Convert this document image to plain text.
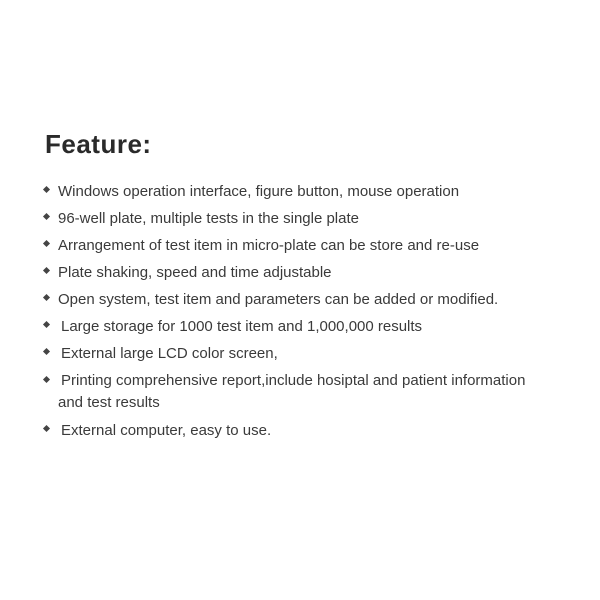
Feature:
Windows operation interface, figure button, mouse operation
96-well plate, multiple tests in the single plate
Arrangement of test item in micro-plate can be store and re-use
Plate shaking, speed and time adjustable
Open system, test item and parameters can be added or modified.
Large storage for 1000 test item and 1,000,000 results
External large LCD color screen,
Printing comprehensive report,include hosiptal and patient information and test results
External computer, easy to use.
